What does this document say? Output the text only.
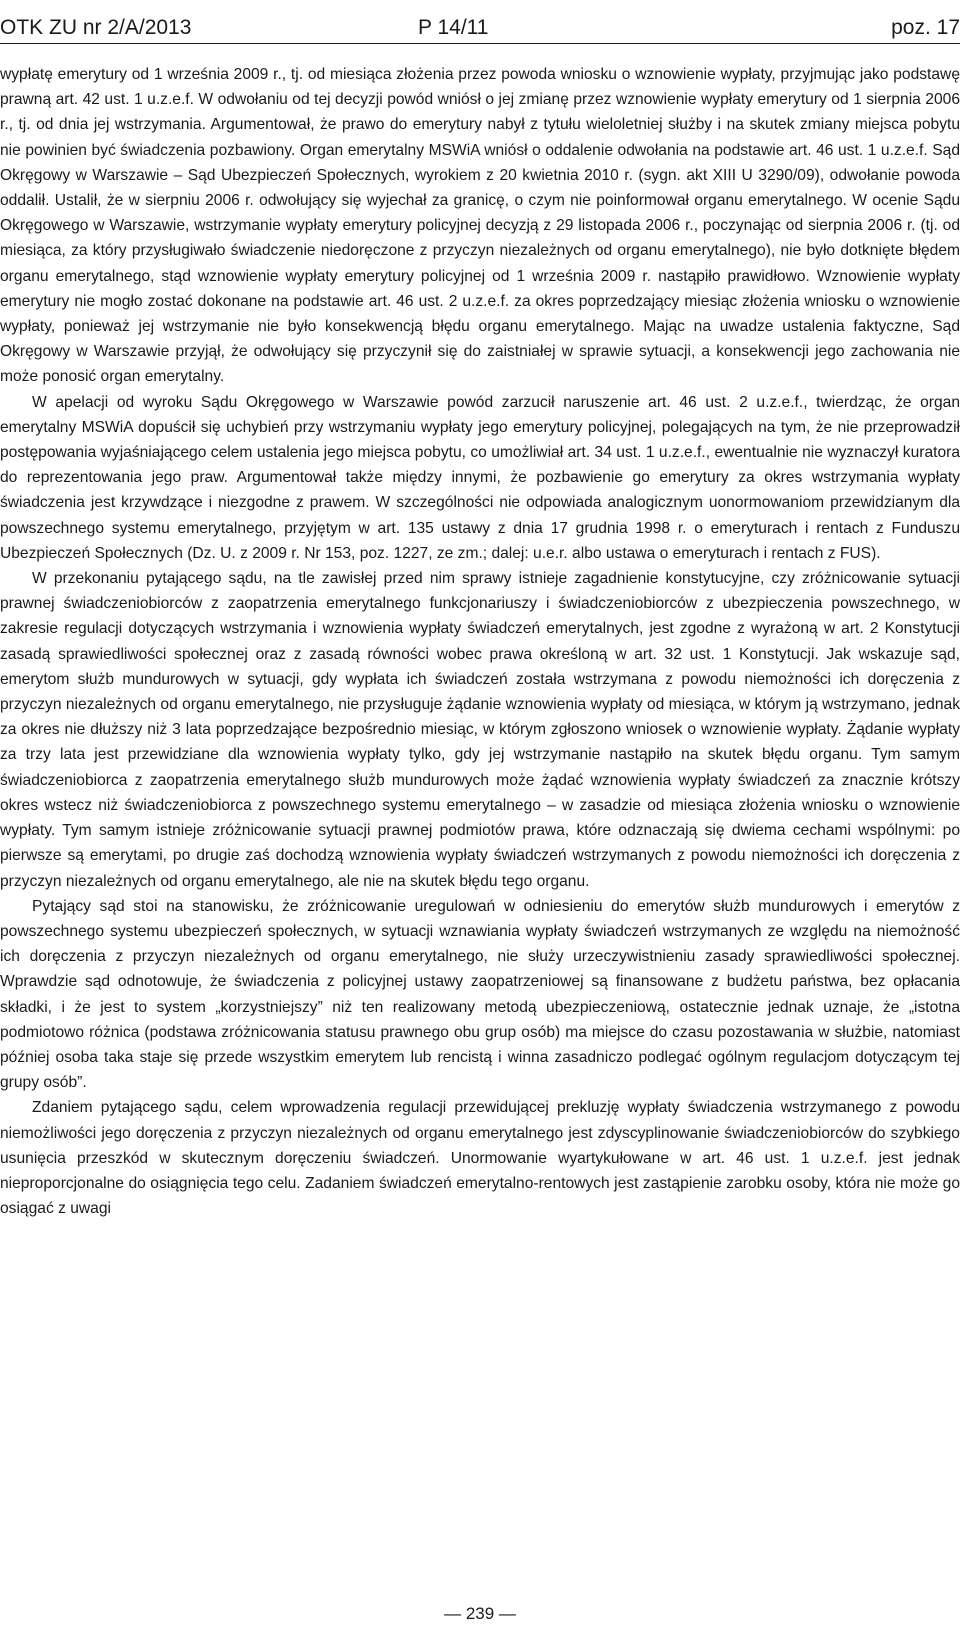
OTK ZU nr 2/A/2013	P 14/11	poz. 17

wypłatę emerytury od 1 września 2009 r., tj. od miesiąca złożenia przez powoda wniosku o wznowienie wypłaty, przyjmując jako podstawę prawną art. 42 ust. 1 u.z.e.f. W odwołaniu od tej decyzji powód wniósł o jej zmianę przez wznowienie wypłaty emerytury od 1 sierpnia 2006 r., tj. od dnia jej wstrzymania. Argumentował, że prawo do emerytury nabył z tytułu wieloletniej służby i na skutek zmiany miejsca pobytu nie powinien być świadczenia pozbawiony. Organ emerytalny MSWiA wniósł o oddalenie odwołania na podstawie art. 46 ust. 1 u.z.e.f. Sąd Okręgowy w Warszawie – Sąd Ubezpieczeń Społecznych, wyrokiem z 20 kwietnia 2010 r. (sygn. akt XIII U 3290/09), odwołanie powoda oddalił. Ustalił, że w sierpniu 2006 r. odwołujący się wyjechał za granicę, o czym nie poinformował organu emerytalnego. W ocenie Sądu Okręgowego w Warszawie, wstrzymanie wypłaty emerytury policyjnej decyzją z 29 listopada 2006 r., poczynając od sierpnia 2006 r. (tj. od miesiąca, za który przysługiwało świadczenie niedoręczone z przyczyn niezależnych od organu emerytalnego), nie było dotknięte błędem organu emerytalnego, stąd wznowienie wypłaty emerytury policyjnej od 1 września 2009 r. nastąpiło prawidłowo. Wznowienie wypłaty emerytury nie mogło zostać dokonane na podstawie art. 46 ust. 2 u.z.e.f. za okres poprzedzający miesiąc złożenia wniosku o wznowienie wypłaty, ponieważ jej wstrzymanie nie było konsekwencją błędu organu emerytalnego. Mając na uwadze ustalenia faktyczne, Sąd Okręgowy w Warszawie przyjął, że odwołujący się przyczynił się do zaistniałej w sprawie sytuacji, a konsekwencji jego zachowania nie może ponosić organ emerytalny.

W apelacji od wyroku Sądu Okręgowego w Warszawie powód zarzucił naruszenie art. 46 ust. 2 u.z.e.f., twierdząc, że organ emerytalny MSWiA dopuścił się uchybień przy wstrzymaniu wypłaty jego emerytury policyjnej, polegających na tym, że nie przeprowadził postępowania wyjaśniającego celem ustalenia jego miejsca pobytu, co umożliwiał art. 34 ust. 1 u.z.e.f., ewentualnie nie wyznaczył kuratora do reprezentowania jego praw. Argumentował także między innymi, że pozbawienie go emerytury za okres wstrzymania wypłaty świadczenia jest krzywdzące i niezgodne z prawem. W szczególności nie odpowiada analogicznym uonormowaniom przewidzianym dla powszechnego systemu emerytalnego, przyjętym w art. 135 ustawy z dnia 17 grudnia 1998 r. o emeryturach i rentach z Funduszu Ubezpieczeń Społecznych (Dz. U. z 2009 r. Nr 153, poz. 1227, ze zm.; dalej: u.e.r. albo ustawa o emeryturach i rentach z FUS).

W przekonaniu pytającego sądu, na tle zawisłej przed nim sprawy istnieje zagadnienie konstytucyjne, czy zróżnicowanie sytuacji prawnej świadczeniobiorców z zaopatrzenia emerytalnego funkcjonariuszy i świadczeniobiorców z ubezpieczenia powszechnego, w zakresie regulacji dotyczących wstrzymania i wznowienia wypłaty świadczeń emerytalnych, jest zgodne z wyrażoną w art. 2 Konstytucji zasadą sprawiedliwości społecznej oraz z zasadą równości wobec prawa określoną w art. 32 ust. 1 Konstytucji. Jak wskazuje sąd, emerytom służb mundurowych w sytuacji, gdy wypłata ich świadczeń została wstrzymana z powodu niemożności ich doręczenia z przyczyn niezależnych od organu emerytalnego, nie przysługuje żądanie wznowienia wypłaty od miesiąca, w którym ją wstrzymano, jednak za okres nie dłuższy niż 3 lata poprzedzające bezpośrednio miesiąc, w którym zgłoszono wniosek o wznowienie wypłaty. Żądanie wypłaty za trzy lata jest przewidziane dla wznowienia wypłaty tylko, gdy jej wstrzymanie nastąpiło na skutek błędu organu. Tym samym świadczeniobiorca z zaopatrzenia emerytalnego służb mundurowych może żądać wznowienia wypłaty świadczeń za znacznie krótszy okres wstecz niż świadczeniobiorca z powszechnego systemu emerytalnego – w zasadzie od miesiąca złożenia wniosku o wznowienie wypłaty. Tym samym istnieje zróżnicowanie sytuacji prawnej podmiotów prawa, które odznaczają się dwiema cechami wspólnymi: po pierwsze są emerytami, po drugie zaś dochodzą wznowienia wypłaty świadczeń wstrzymanych z powodu niemożności ich doręczenia z przyczyn niezależnych od organu emerytalnego, ale nie na skutek błędu tego organu.

Pytający sąd stoi na stanowisku, że zróżnicowanie uregulowań w odniesieniu do emerytów służb mundurowych i emerytów z powszechnego systemu ubezpieczeń społecznych, w sytuacji wznawiania wypłaty świadczeń wstrzymanych ze względu na niemożność ich doręczenia z przyczyn niezależnych od organu emerytalnego, nie służy urzeczywistnieniu zasady sprawiedliwości społecznej. Wprawdzie sąd odnotowuje, że świadczenia z policyjnej ustawy zaopatrzeniowej są finansowane z budżetu państwa, bez opłacania składki, i że jest to system „korzystniejszy” niż ten realizowany metodą ubezpieczeniową, ostatecznie jednak uznaje, że „istotna podmiotowo różnica (podstawa zróżnicowania statusu prawnego obu grup osób) ma miejsce do czasu pozostawania w służbie, natomiast później osoba taka staje się przede wszystkim emerytem lub rencistą i winna zasadniczo podlegać ogólnym regulacjom dotyczącym tej grupy osób”.

Zdaniem pytającego sądu, celem wprowadzenia regulacji przewidującej prekluzję wypłaty świadczenia wstrzymanego z powodu niemożliwości jego doręczenia z przyczyn niezależnych od organu emerytalnego jest zdyscyplinowanie świadczeniobiorców do szybkiego usunięcia przeszkód w skutecznym doręczeniu świadczeń. Unormowanie wyartykułowane w art. 46 ust. 1 u.z.e.f. jest jednak nieproporcjonalne do osiągnięcia tego celu. Zadaniem świadczeń emerytalno-rentowych jest zastąpienie zarobku osoby, która nie może go osiągać z uwagi

— 239 —
